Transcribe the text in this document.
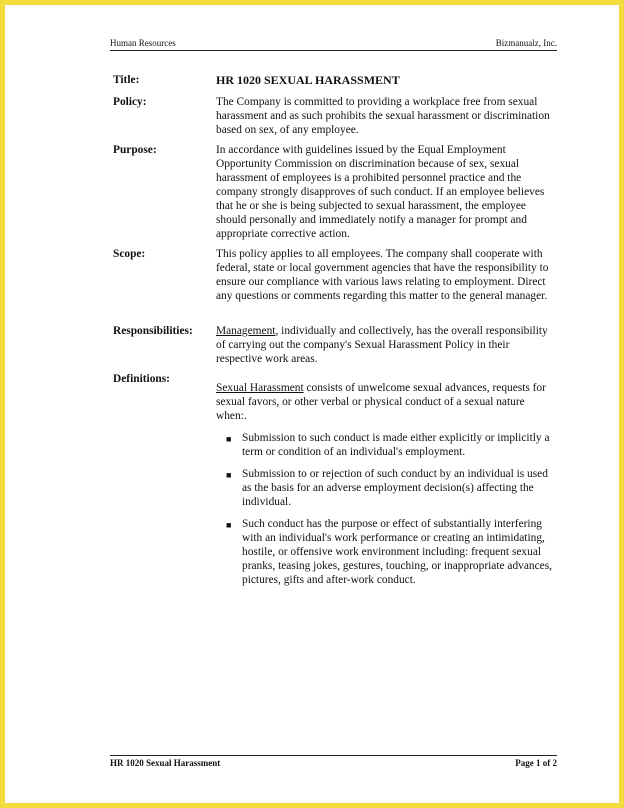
Human Resources	Bizmanualz, Inc.
Title:	HR 1020 SEXUAL HARASSMENT
Policy:	The Company is committed to providing a workplace free from sexual harassment and as such prohibits the sexual harassment or discrimination based on sex, of any employee.
Purpose:	In accordance with guidelines issued by the Equal Employment Opportunity Commission on discrimination because of sex, sexual harassment of employees is a prohibited personnel practice and the company strongly disapproves of such conduct. If an employee believes that he or she is being subjected to sexual harassment, the employee should personally and immediately notify a manager for prompt and appropriate corrective action.
Scope:	This policy applies to all employees. The company shall cooperate with federal, state or local government agencies that have the responsibility to ensure our compliance with various laws relating to employment. Direct any questions or comments regarding this matter to the general manager.
Responsibilities:	Management, individually and collectively, has the overall responsibility of carrying out the company's Sexual Harassment Policy in their respective work areas.
Definitions:
Sexual Harassment consists of unwelcome sexual advances, requests for sexual favors, or other verbal or physical conduct of a sexual nature when:.
■ Submission to such conduct is made either explicitly or implicitly a term or condition of an individual's employment.
■ Submission to or rejection of such conduct by an individual is used as the basis for an adverse employment decision(s) affecting the individual.
■ Such conduct has the purpose or effect of substantially interfering with an individual's work performance or creating an intimidating, hostile, or offensive work environment including: frequent sexual pranks, teasing jokes, gestures, touching, or inappropriate advances, pictures, gifts and after-work conduct.
HR 1020 Sexual Harassment	Page 1 of 2
